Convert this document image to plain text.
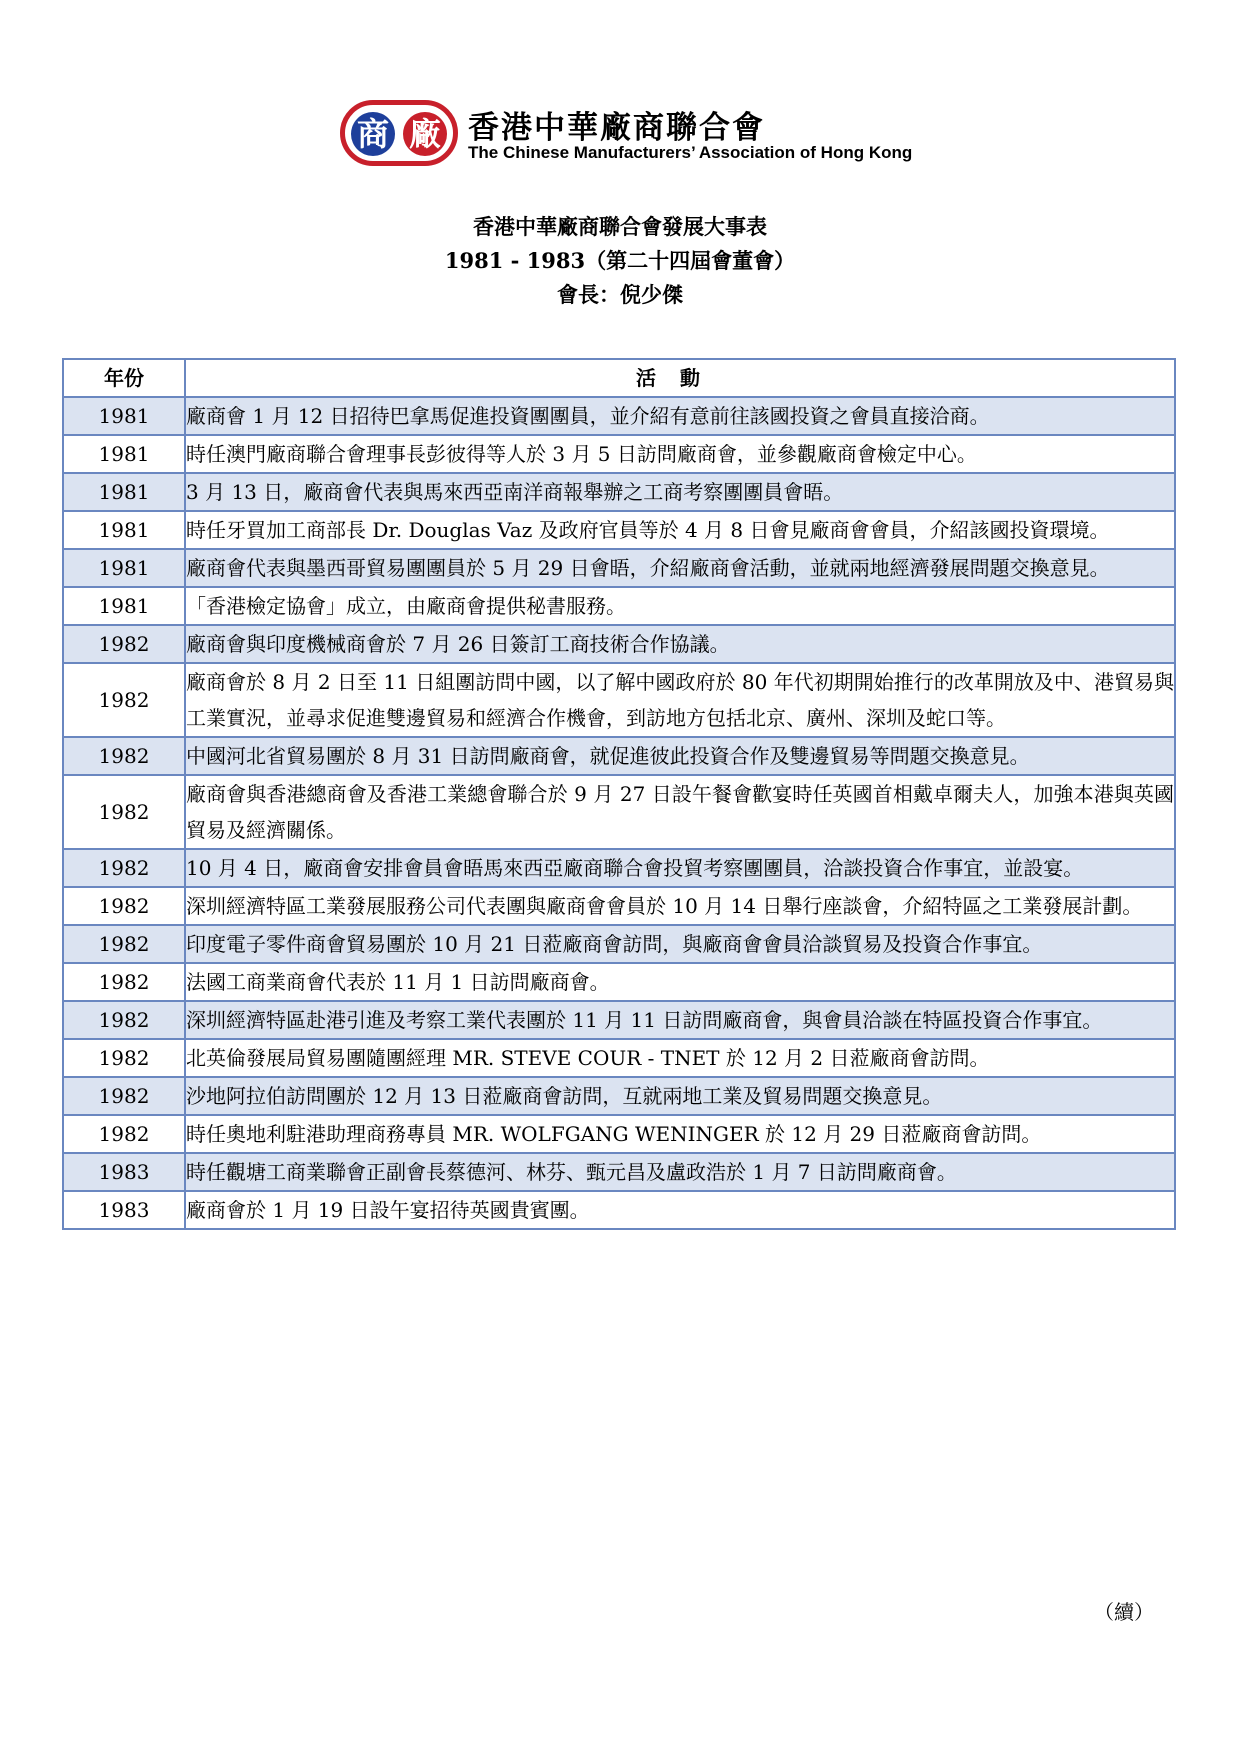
商 廠 香港中華廠商聯合會
The Chinese Manufacturers’ Association of Hong Kong
香港中華廠商聯合會發展大事表
1981 - 1983（第二十四屆會董會）
會長：倪少傑
年份	活動
1981	廠商會 1 月 12 日招待巴拿馬促進投資團團員，並介紹有意前往該國投資之會員直接洽商。
1981	時任澳門廠商聯合會理事長彭彼得等人於 3 月 5 日訪問廠商會，並參觀廠商會檢定中心。
1981	3 月 13 日，廠商會代表與馬來西亞南洋商報舉辦之工商考察團團員會晤。
1981	時任牙買加工商部長 Dr. Douglas Vaz 及政府官員等於 4 月 8 日會見廠商會會員，介紹該國投資環境。
1981	廠商會代表與墨西哥貿易團團員於 5 月 29 日會晤，介紹廠商會活動，並就兩地經濟發展問題交換意見。
1981	「香港檢定協會」成立，由廠商會提供秘書服務。
1982	廠商會與印度機械商會於 7 月 26 日簽訂工商技術合作協議。
1982	廠商會於 8 月 2 日至 11 日組團訪問中國，以了解中國政府於 80 年代初期開始推行的改革開放及中、港貿易與工業實況，並尋求促進雙邊貿易和經濟合作機會，到訪地方包括北京、廣州、深圳及蛇口等。
1982	中國河北省貿易團於 8 月 31 日訪問廠商會，就促進彼此投資合作及雙邊貿易等問題交換意見。
1982	廠商會與香港總商會及香港工業總會聯合於 9 月 27 日設午餐會歡宴時任英國首相戴卓爾夫人，加強本港與英國貿易及經濟關係。
1982	10 月 4 日，廠商會安排會員會晤馬來西亞廠商聯合會投貿考察團團員，洽談投資合作事宜，並設宴。
1982	深圳經濟特區工業發展服務公司代表團與廠商會會員於 10 月 14 日舉行座談會，介紹特區之工業發展計劃。
1982	印度電子零件商會貿易團於 10 月 21 日蒞廠商會訪問，與廠商會會員洽談貿易及投資合作事宜。
1982	法國工商業商會代表於 11 月 1 日訪問廠商會。
1982	深圳經濟特區赴港引進及考察工業代表團於 11 月 11 日訪問廠商會，與會員洽談在特區投資合作事宜。
1982	北英倫發展局貿易團隨團經理 MR. STEVE COUR - TNET 於 12 月 2 日蒞廠商會訪問。
1982	沙地阿拉伯訪問團於 12 月 13 日蒞廠商會訪問，互就兩地工業及貿易問題交換意見。
1982	時任奧地利駐港助理商務專員 MR. WOLFGANG WENINGER 於 12 月 29 日蒞廠商會訪問。
1983	時任觀塘工商業聯會正副會長蔡德河、林芬、甄元昌及盧政浩於 1 月 7 日訪問廠商會。
1983	廠商會於 1 月 19 日設午宴招待英國貴賓團。
（續）
